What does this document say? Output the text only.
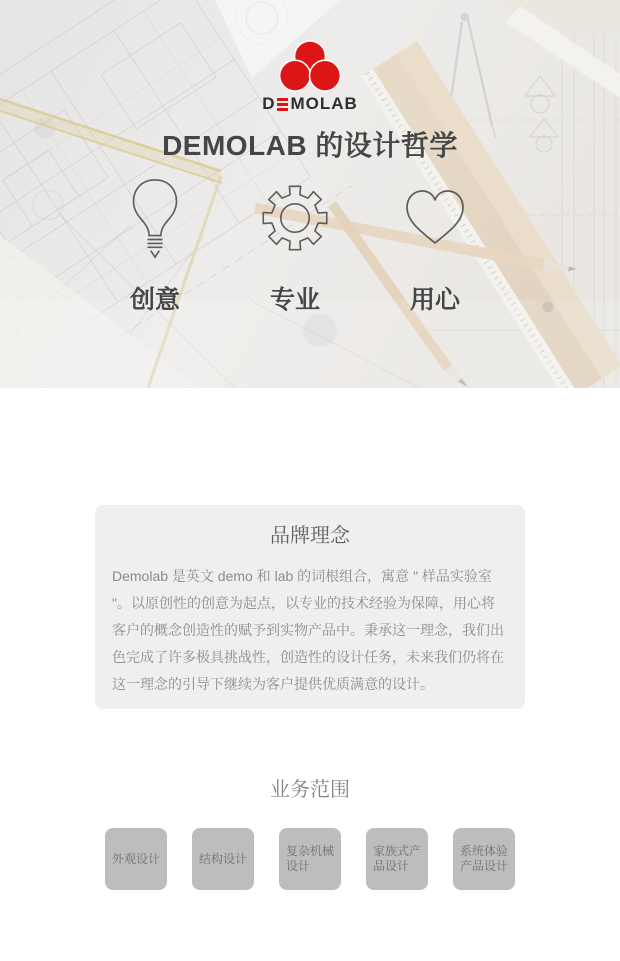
D MOLAB
DEMOLAB 的设计哲学
创意	专业	用心
品牌理念

Demolab 是英文 demo 和 lab 的词根组合，寓意 " 样品实验室 "。以原创性的创意为起点，以专业的技术经验为保障，用心将客户的概念创造性的赋予到实物产品中。秉承这一理念，我们出色完成了许多极具挑战性，创造性的设计任务，未来我们仍将在这一理念的引导下继续为客户提供优质满意的设计。

业务范围
外观设计	结构设计
复杂机械设计
家族式产品设计
系统体验产品设计
